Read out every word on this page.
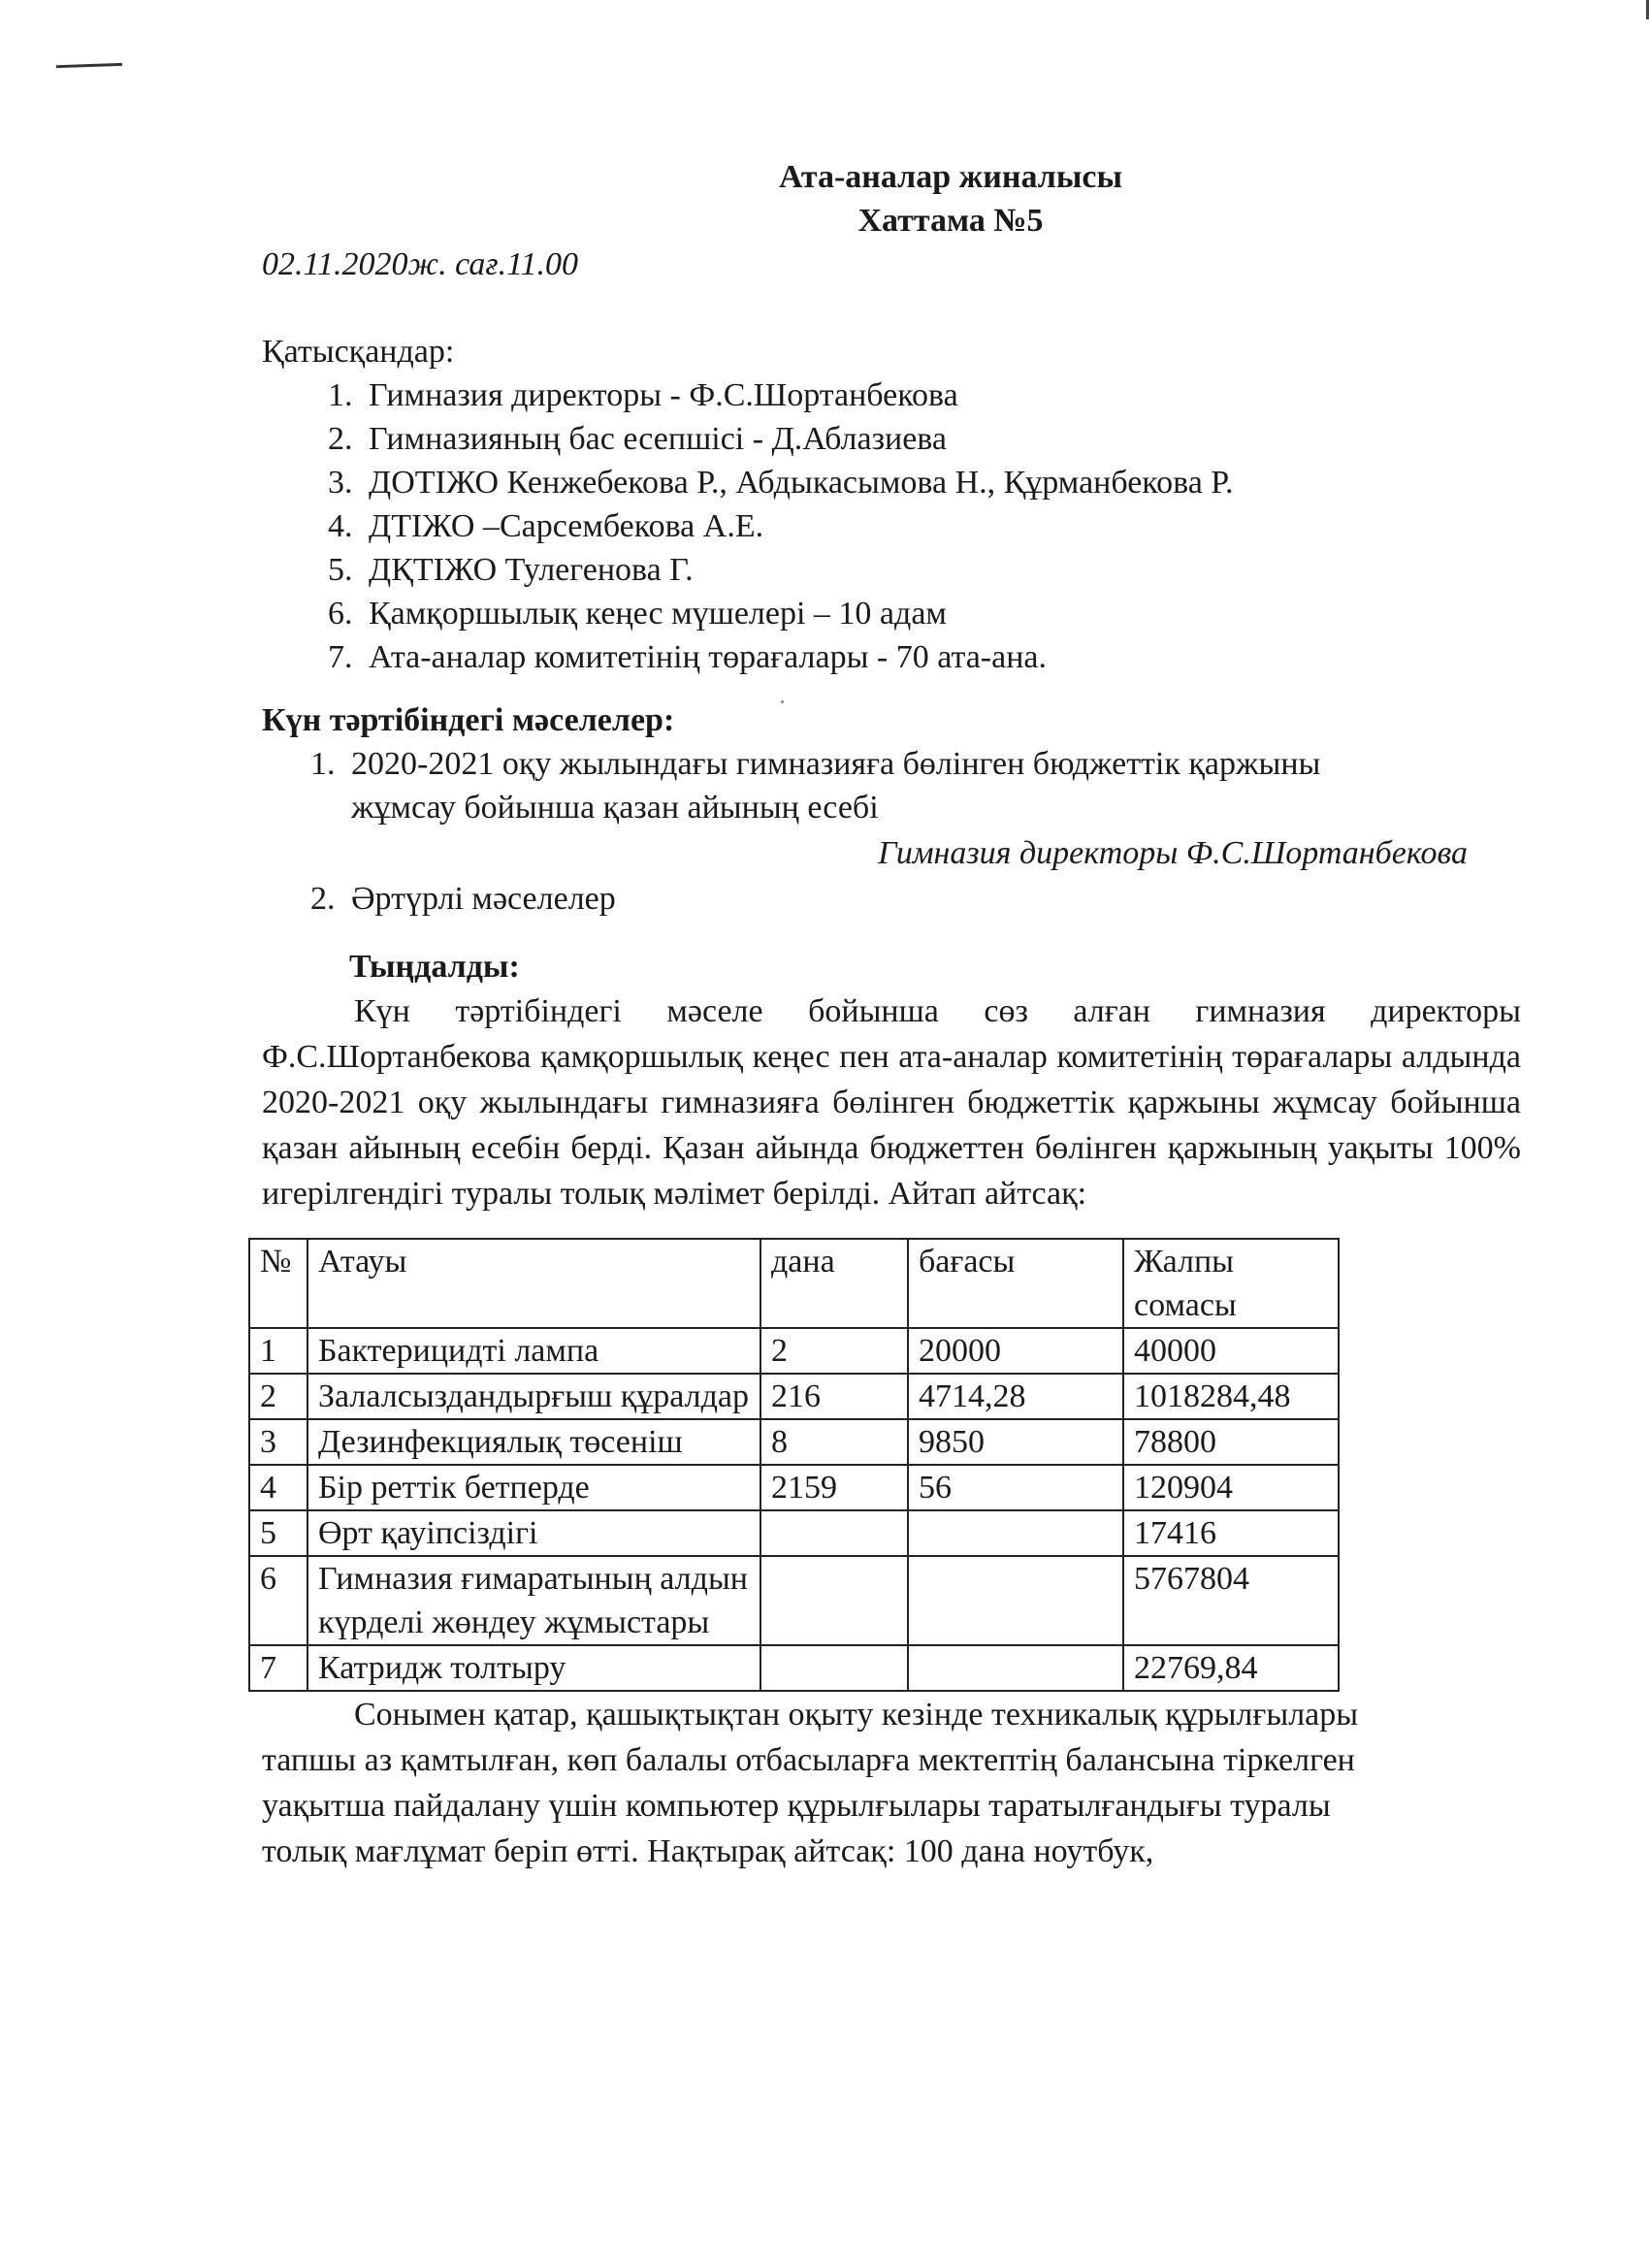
Ата-аналар жиналысы
Хаттама №5
02.11.2020ж. сағ.11.00
Қатысқандар:
1. Гимназия директоры - Ф.С.Шортанбекова
2. Гимназияның бас есепшісі - Д.Аблазиева
3. ДОТІЖО Кенжебекова Р., Абдыкасымова Н., Құрманбекова Р.
4. ДТІЖО –Сарсембекова А.Е.
5. ДҚТІЖО Тулегенова Г.
6. Қамқоршылық кеңес мүшелері – 10 адам
7. Ата-аналар комитетінің төрағалары - 70 ата-ана.
Күн тәртібіндегі мәселелер:
1. 2020-2021 оқу жылындағы гимназияға бөлінген бюджеттік қаржыны
жұмсау бойынша қазан айының есебі
Гимназия директоры Ф.С.Шортанбекова
2. Әртүрлі мәселелер
Тыңдалды:
Күн тәртібіндегі мәселе бойынша сөз алған гимназия директоры Ф.С.Шортанбекова қамқоршылық кеңес пен ата-аналар комитетінің төрағалары алдында 2020-2021 оқу жылындағы гимназияға бөлінген бюджеттік қаржыны жұмсау бойынша қазан айының есебін берді. Қазан айында бюджеттен бөлінген қаржының уақыты 100% игерілгендігі туралы толық мәлімет берілді. Айтап айтсақ:
№	Атауы	дана	бағасы	Жалпы сомасы
1	Бактерицидті лампа	2	20000	40000
2	Залалсыздандырғыш құралдар	216	4714,28	1018284,48
3	Дезинфекциялық төсеніш	8	9850	78800
4	Бір реттік бетперде	2159	56	120904
5	Өрт қауіпсіздігі			17416
6	Гимназия ғимаратының алдын күрделі жөндеу жұмыстары			5767804
7	Катридж толтыру			22769,84
Сонымен қатар, қашықтықтан оқыту кезінде техникалық құрылғылары
тапшы аз қамтылған, көп балалы отбасыларға мектептің балансына тіркелген
уақытша пайдалану үшін компьютер құрылғылары таратылғандығы туралы
толық мағлұмат беріп өтті. Нақтырақ айтсақ: 100 дана ноутбук,
